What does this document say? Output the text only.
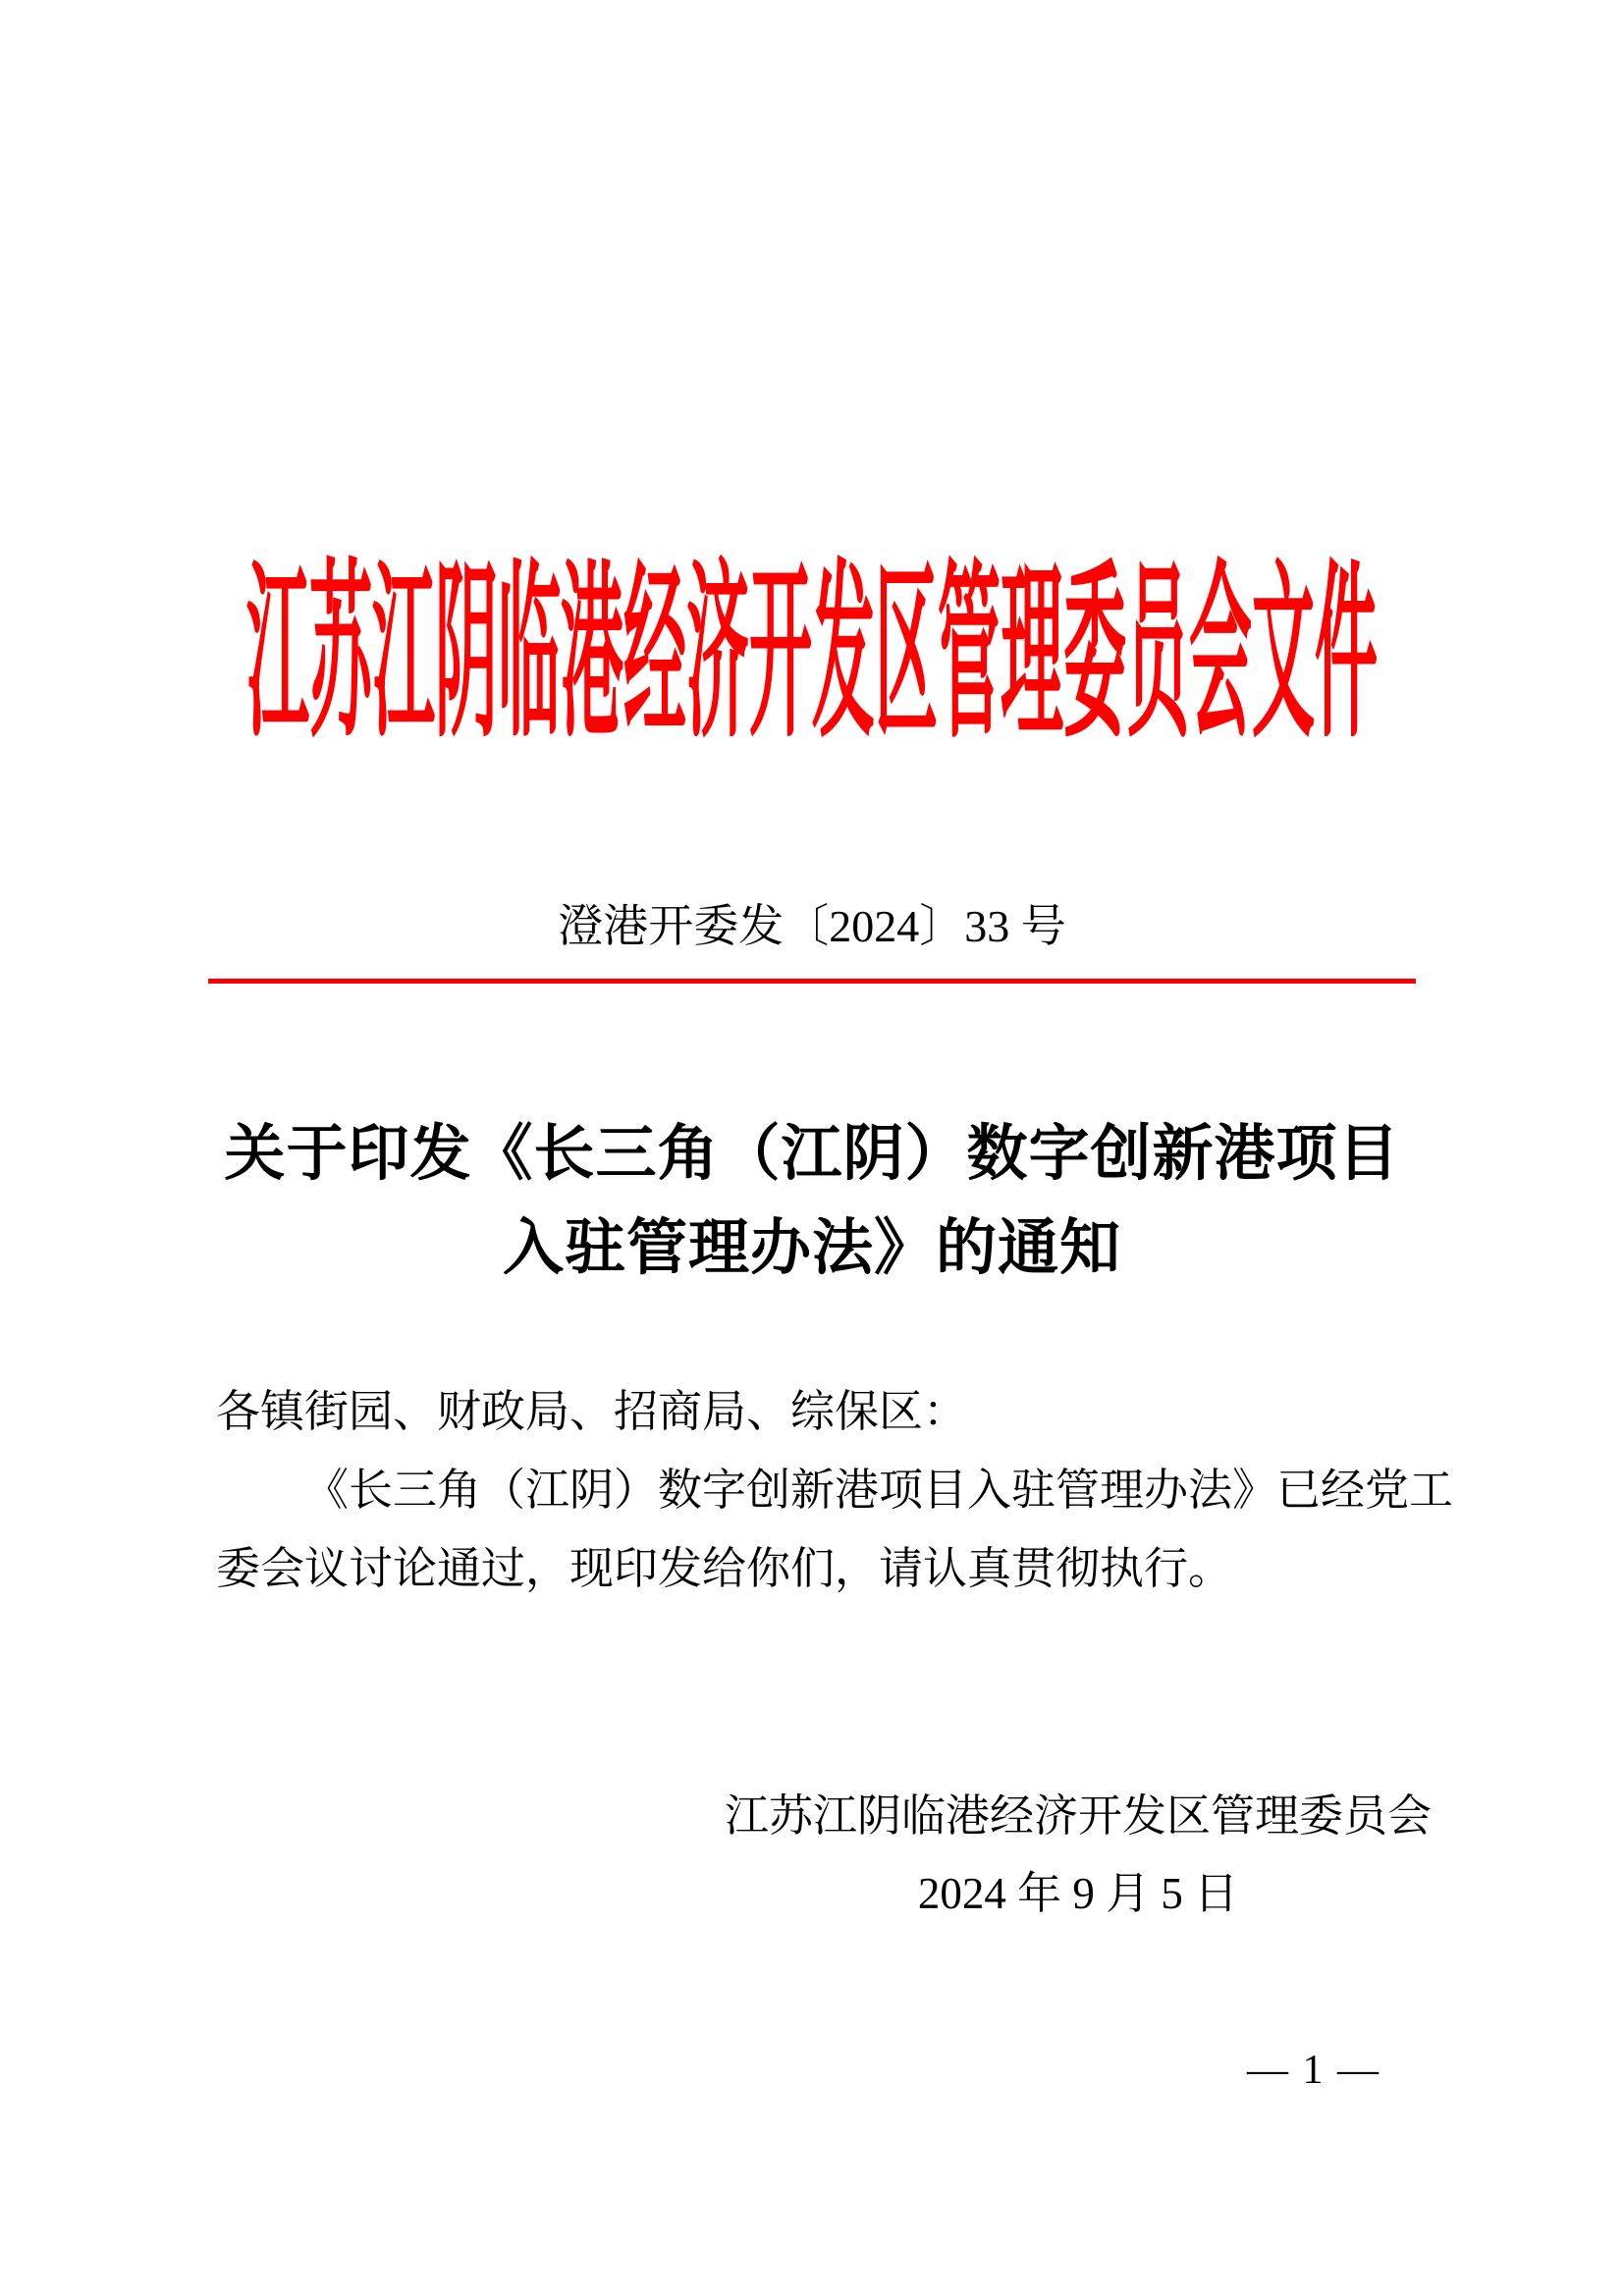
江苏江阴临港经济开发区管理委员会文件
澄港开委发〔2024〕33 号
关于印发《长三角（江阴）数字创新港项目
入驻管理办法》的通知
各镇街园、财政局、招商局、综保区：
《长三角（江阴）数字创新港项目入驻管理办法》已经党工
委会议讨论通过，现印发给你们，请认真贯彻执行。
江苏江阴临港经济开发区管理委员会
2024 年 9 月 5 日
— 1 —
